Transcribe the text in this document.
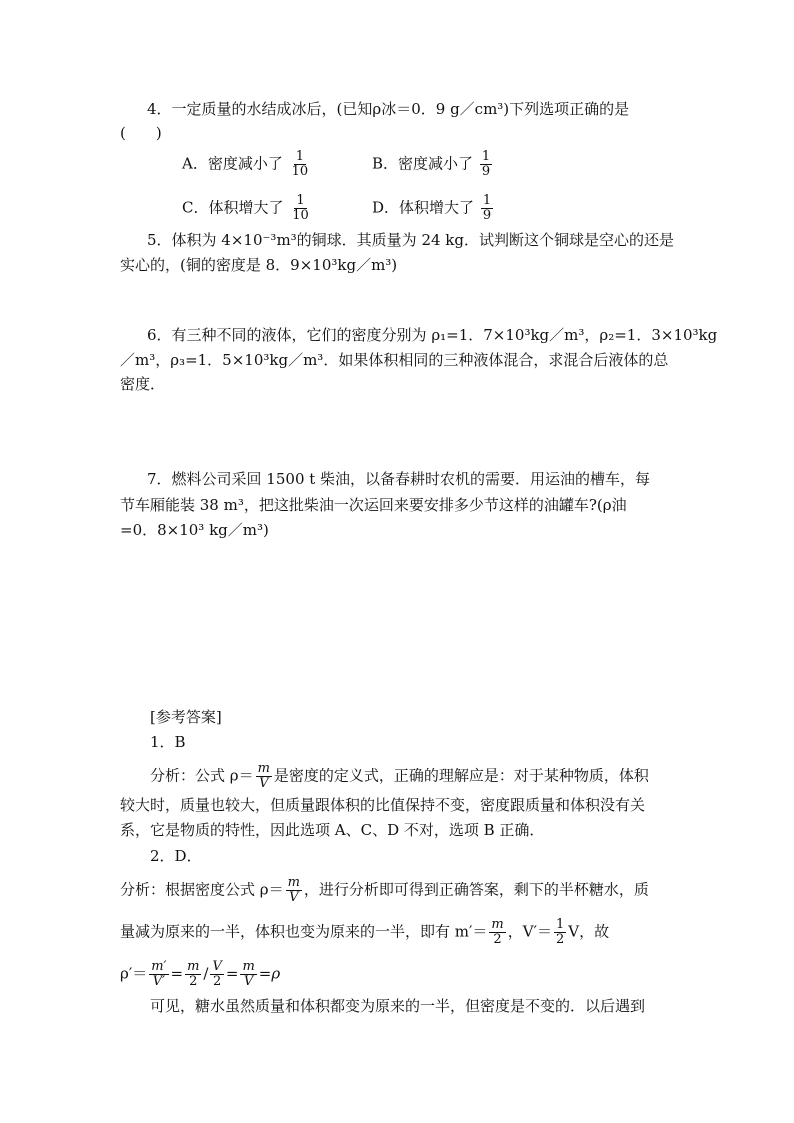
4．一定质量的水结成冰后，(已知ρ冰＝0．9 g／cm³)下列选项正确的是
(　　)
A．密度减小了 $\frac{1}{10}$	B．密度减小了 $\frac{1}{9}$
C．体积增大了 $\frac{1}{10}$	D．体积增大了 $\frac{1}{9}$
5．体积为 4×10⁻³m³的铜球．其质量为 24 kg．试判断这个铜球是空心的还是
实心的，(铜的密度是 8．9×10³kg／m³)
6．有三种不同的液体，它们的密度分别为 ρ₁=1．7×10³kg／m³，ρ₂=1．3×10³kg
／m³，ρ₃=1．5×10³kg／m³．如果体积相同的三种液体混合，求混合后液体的总
密度．
7．燃料公司采回 1500 t 柴油，以备春耕时农机的需要．用运油的槽车，每
节车厢能装 38 m³，把这批柴油一次运回来要安排多少节这样的油罐车?(ρ油
=0．8×10³ kg／m³)
[参考答案]
1．B
分析：公式 $\rho= \frac{m}{V}$ 是密度的定义式，正确的理解应是：对于某种物质，体积
较大时，质量也较大，但质量跟体积的比值保持不变，密度跟质量和体积没有关
系，它是物质的特性，因此选项 A、C、D 不对，选项 B 正确．
2．D．
分析：根据密度公式 $\rho= \frac{m}{V}$ ，进行分析即可得到正确答案，剩下的半杯糖水，质
量减为原来的一半，体积也变为原来的一半，即有 $m'= \frac{m}{2}$ ，$V'= \frac{1}{2}$ V，故
$\rho'= \frac{m'}{V'} = \frac{m}{2} / \frac{V}{2} = \frac{m}{V} =\rho$
可见，糖水虽然质量和体积都变为原来的一半，但密度是不变的．以后遇到
